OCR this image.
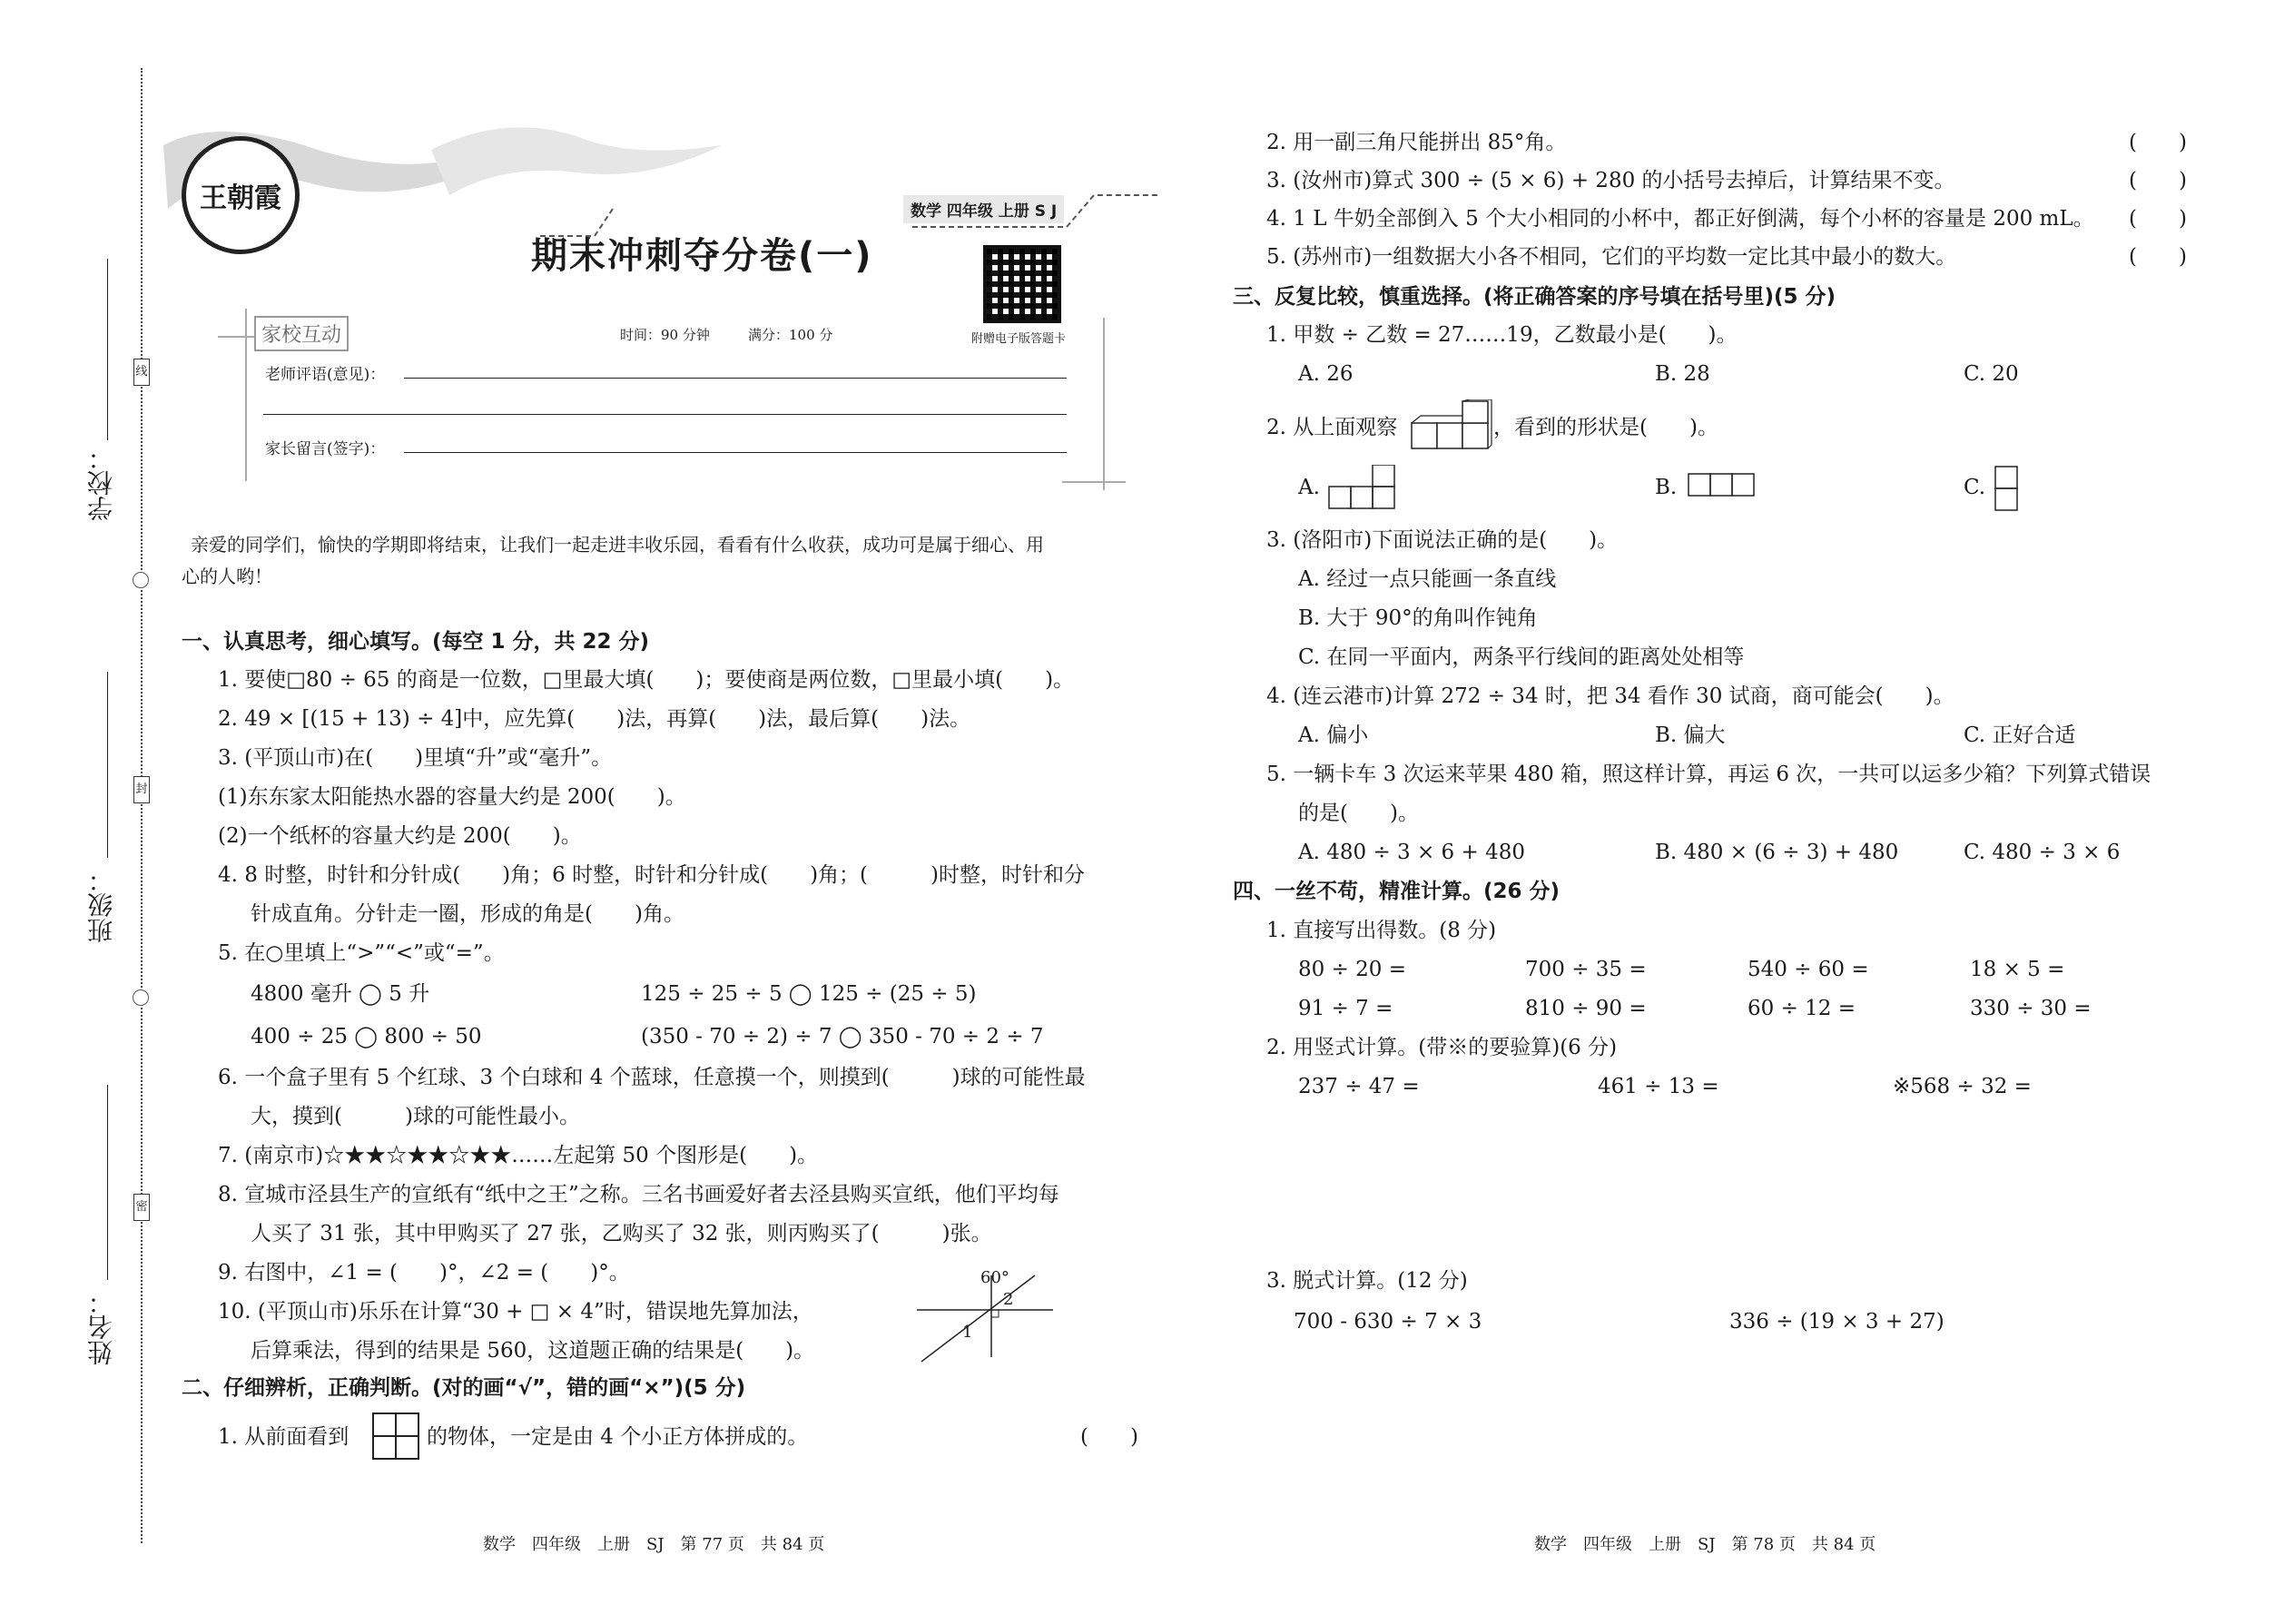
学校：
班级：
姓名：
线
封
密
王朝霞	数学 四年级 上册 S J
期末冲刺夺分卷(一)
附赠电子版答题卡
时间：90 分钟	满分：100 分
家校互动
老师评语(意见)：
家长留言(签字)：
亲爱的同学们，愉快的学期即将结束，让我们一起走进丰收乐园，看看有什么收获，成功可是属于细心、用
心的人哟！
一、认真思考，细心填写。(每空 1 分，共 22 分)
1. 要使□80 ÷ 65 的商是一位数，□里最大填(　　)；要使商是两位数，□里最小填(　　)。
2. 49 × [(15 + 13) ÷ 4]中，应先算(　　)法，再算(　　)法，最后算(　　)法。
3. (平顶山市)在(　　)里填“升”或“毫升”。
(1)东东家太阳能热水器的容量大约是 200(　　)。
(2)一个纸杯的容量大约是 200(　　)。
4. 8 时整，时针和分针成(　　)角；6 时整，时针和分针成(　　)角；(　　　)时整，时针和分
针成直角。分针走一圈，形成的角是(　　)角。
5. 在○里填上“>”“<”或“=”。
4800 毫升 ◯ 5 升	125 ÷ 25 ÷ 5 ◯ 125 ÷ (25 ÷ 5)
400 ÷ 25 ◯ 800 ÷ 50	(350 - 70 ÷ 2) ÷ 7 ◯ 350 - 70 ÷ 2 ÷ 7
6. 一个盒子里有 5 个红球、3 个白球和 4 个蓝球，任意摸一个，则摸到(　　　)球的可能性最
大，摸到(　　　)球的可能性最小。
7. (南京市)☆★★☆★★☆★★……左起第 50 个图形是(　　)。
8. 宣城市泾县生产的宣纸有“纸中之王”之称。三名书画爱好者去泾县购买宣纸，他们平均每
人买了 31 张，其中甲购买了 27 张，乙购买了 32 张，则丙购买了(　　　)张。
9. 右图中，∠1 = (　　)°，∠2 = (　　)°。
10. (平顶山市)乐乐在计算“30 + □ × 4”时，错误地先算加法，
后算乘法，得到的结果是 560，这道题正确的结果是(　　)。
60°
2
1
二、仔细辨析，正确判断。(对的画“√”，错的画“×”)(5 分)
1. 从前面看到	的物体，一定是由 4 个小正方体拼成的。	(　　)
2. 用一副三角尺能拼出 85°角。	(　　)
3. (汝州市)算式 300 ÷ (5 × 6) + 280 的小括号去掉后，计算结果不变。	(　　)
4. 1 L 牛奶全部倒入 5 个大小相同的小杯中，都正好倒满，每个小杯的容量是 200 mL。 (　　)
5. (苏州市)一组数据大小各不相同，它们的平均数一定比其中最小的数大。	(　　)
三、反复比较，慎重选择。(将正确答案的序号填在括号里)(5 分)
1. 甲数 ÷ 乙数 = 27……19，乙数最小是(　　)。
A. 26	B. 28	C. 20
2. 从上面观察	，看到的形状是(　　)。
A.	B.	C.
3. (洛阳市)下面说法正确的是(　　)。
A. 经过一点只能画一条直线
B. 大于 90°的角叫作钝角
C. 在同一平面内，两条平行线间的距离处处相等
4. (连云港市)计算 272 ÷ 34 时，把 34 看作 30 试商，商可能会(　　)。
A. 偏小	B. 偏大	C. 正好合适
5. 一辆卡车 3 次运来苹果 480 箱，照这样计算，再运 6 次，一共可以运多少箱？下列算式错误
的是(　　)。
A. 480 ÷ 3 × 6 + 480	B. 480 × (6 ÷ 3) + 480	C. 480 ÷ 3 × 6
四、一丝不苟，精准计算。(26 分)
1. 直接写出得数。(8 分)
80 ÷ 20 =	700 ÷ 35 =	540 ÷ 60 =	18 × 5 =
91 ÷ 7 =	810 ÷ 90 =	60 ÷ 12 =	330 ÷ 30 =
2. 用竖式计算。(带※的要验算)(6 分)
237 ÷ 47 =	461 ÷ 13 =	※568 ÷ 32 =
3. 脱式计算。(12 分)
700 - 630 ÷ 7 × 3	336 ÷ (19 × 3 + 27)
数学　四年级　上册　SJ　第 77 页　共 84 页	数学　四年级　上册　SJ　第 78 页　共 84 页
